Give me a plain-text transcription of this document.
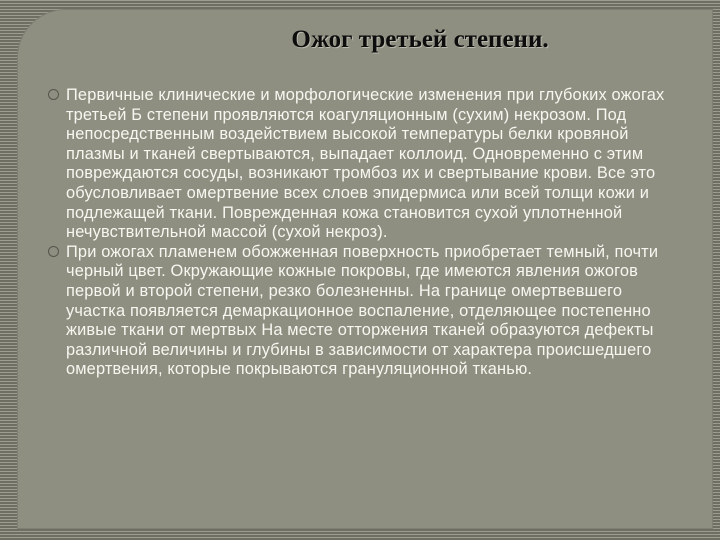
Ожог третьей степени.
Первичные клинические и морфологические изменения при глубоких ожогах третьей Б степени проявляются коагуляционным (сухим) некрозом. Под непосредственным воздействием высокой температуры белки кровяной плазмы и тканей свертываются, выпадает коллоид. Одновременно с этим повреждаются сосуды, возникают тромбоз их и свертывание крови. Все это обусловливает омертвение всех слоев эпидермиса или всей толщи кожи и подлежащей ткани. Поврежденная кожа становится сухой уплотненной нечувствительной массой (сухой некроз).
При ожогах пламенем обожженная поверхность приобретает темный, почти черный цвет. Окружающие кожные покровы, где имеются явления ожогов первой и второй степени, резко болезненны. На границе омертвевшего участка появляется демаркационное воспаление, отделяющее постепенно живые ткани от мертвых На месте отторжения тканей образуются дефекты различной величины и глубины в зависимости от характера происшедшего омертвения, которые покрываются грануляционной тканью.
